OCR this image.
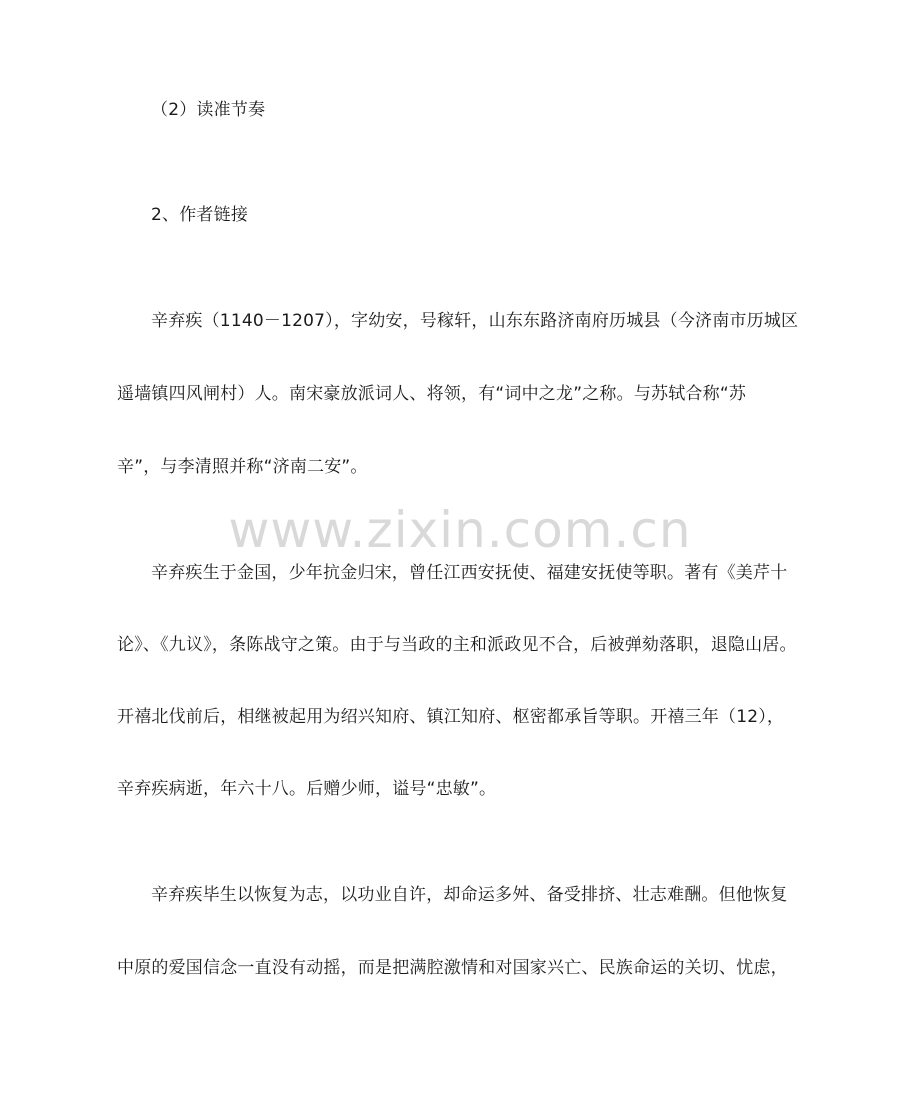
www.zixin.com.cn
（2）读准节奏
2、作者链接
辛弃疾（1140－1207），字幼安，号稼轩，山东东路济南府历城县（今济南市历城区
遥墙镇四风闸村）人。南宋豪放派词人、将领，有“词中之龙”之称。与苏轼合称“苏
辛”，与李清照并称“济南二安”。
辛弃疾生于金国，少年抗金归宋，曾任江西安抚使、福建安抚使等职。著有《美芹十
论》、《九议》，条陈战守之策。由于与当政的主和派政见不合，后被弹劾落职，退隐山居。
开禧北伐前后，相继被起用为绍兴知府、镇江知府、枢密都承旨等职。开禧三年（12），
辛弃疾病逝，年六十八。后赠少师，谥号“忠敏”。
辛弃疾毕生以恢复为志，以功业自许，却命运多舛、备受排挤、壮志难酬。但他恢复
中原的爱国信念一直没有动摇，而是把满腔激情和对国家兴亡、民族命运的关切、忧虑，
